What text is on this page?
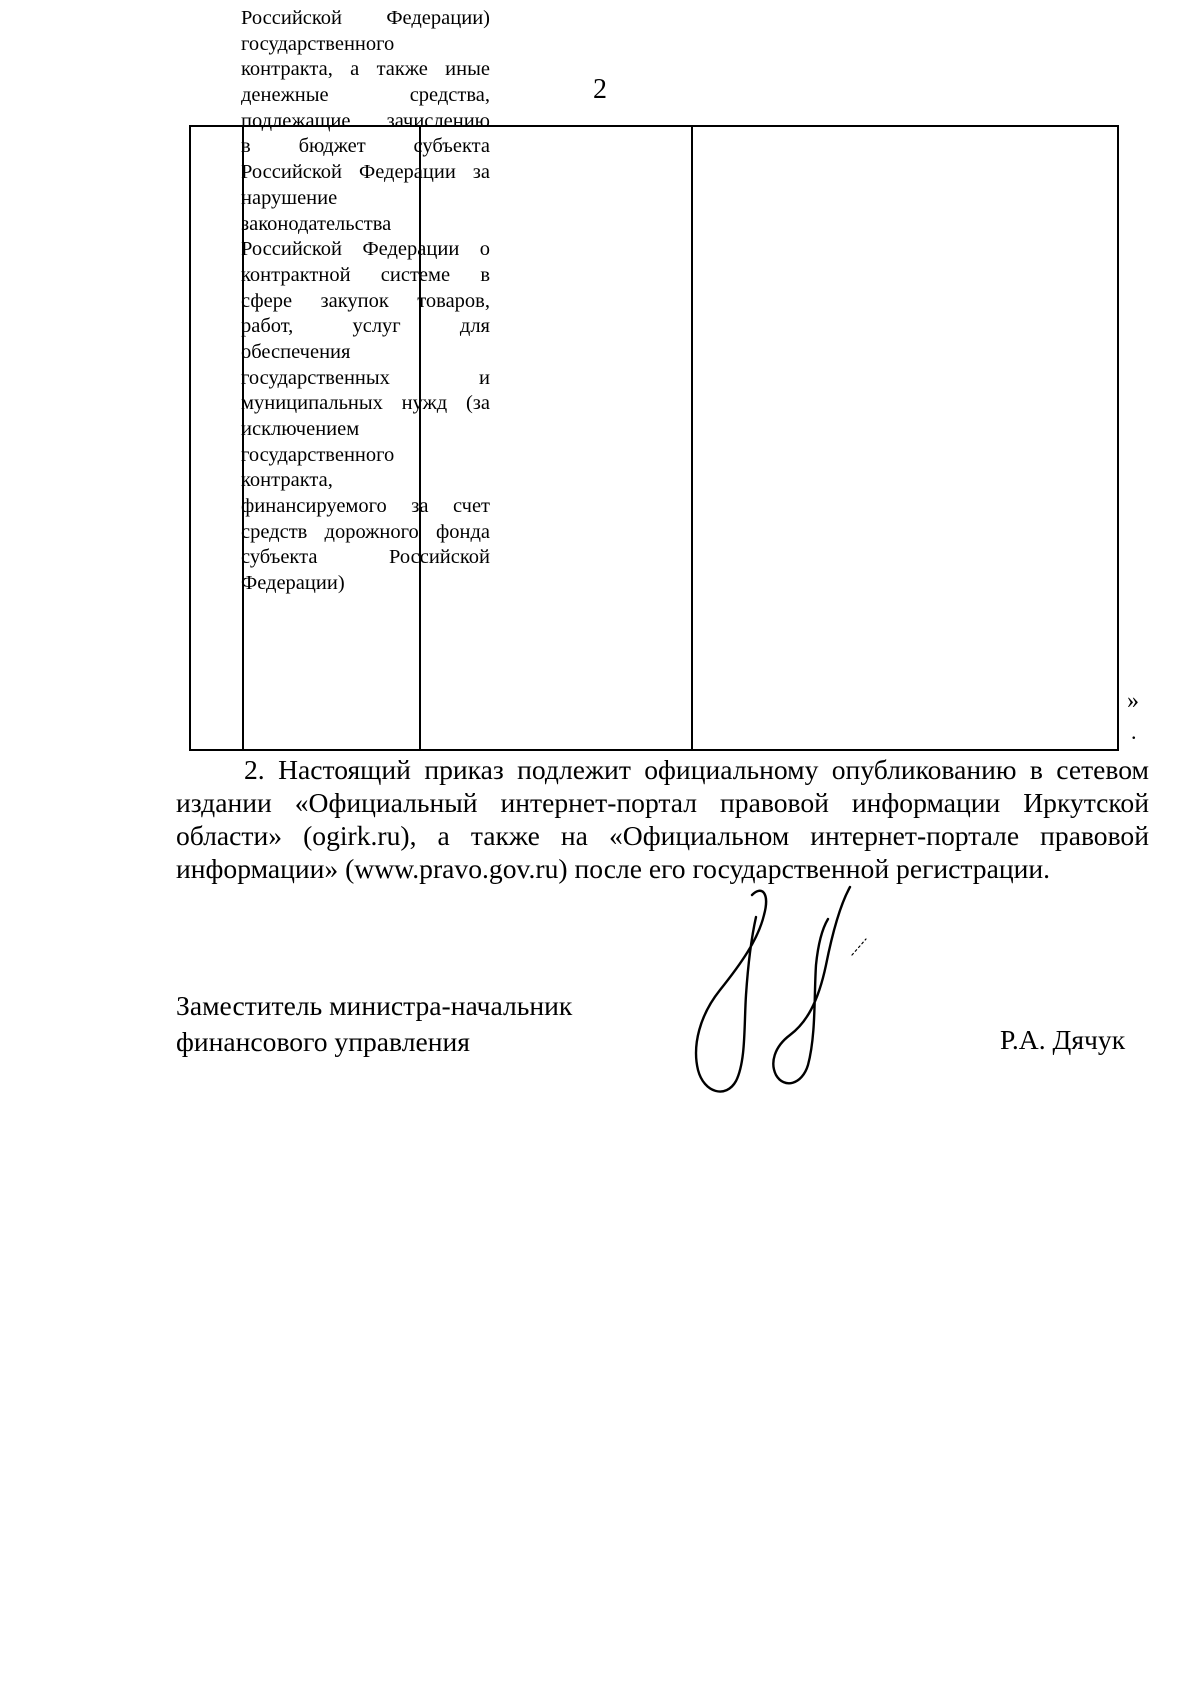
2
Российской Федерации)
государственного
контракта, а также иные
денежные средства,
подлежащие зачислению
в бюджет субъекта
Российской Федерации за
нарушение
законодательства
Российской Федерации о
контрактной системе в
сфере закупок товаров,
работ, услуг для
обеспечения
государственных и
муниципальных нужд (за
исключением
государственного
контракта,
финансируемого за счет
средств дорожного фонда
субъекта Российской
Федерации)
»
.
2. Настоящий приказ подлежит официальному опубликованию в сетевом
издании «Официальный интернет-портал правовой информации Иркутской
области» (ogirk.ru), а также на «Официальном интернет-портале правовой
информации» (www.pravo.gov.ru) после его государственной регистрации.
Заместитель министра-начальник
финансового управления	Р.А. Дячук
